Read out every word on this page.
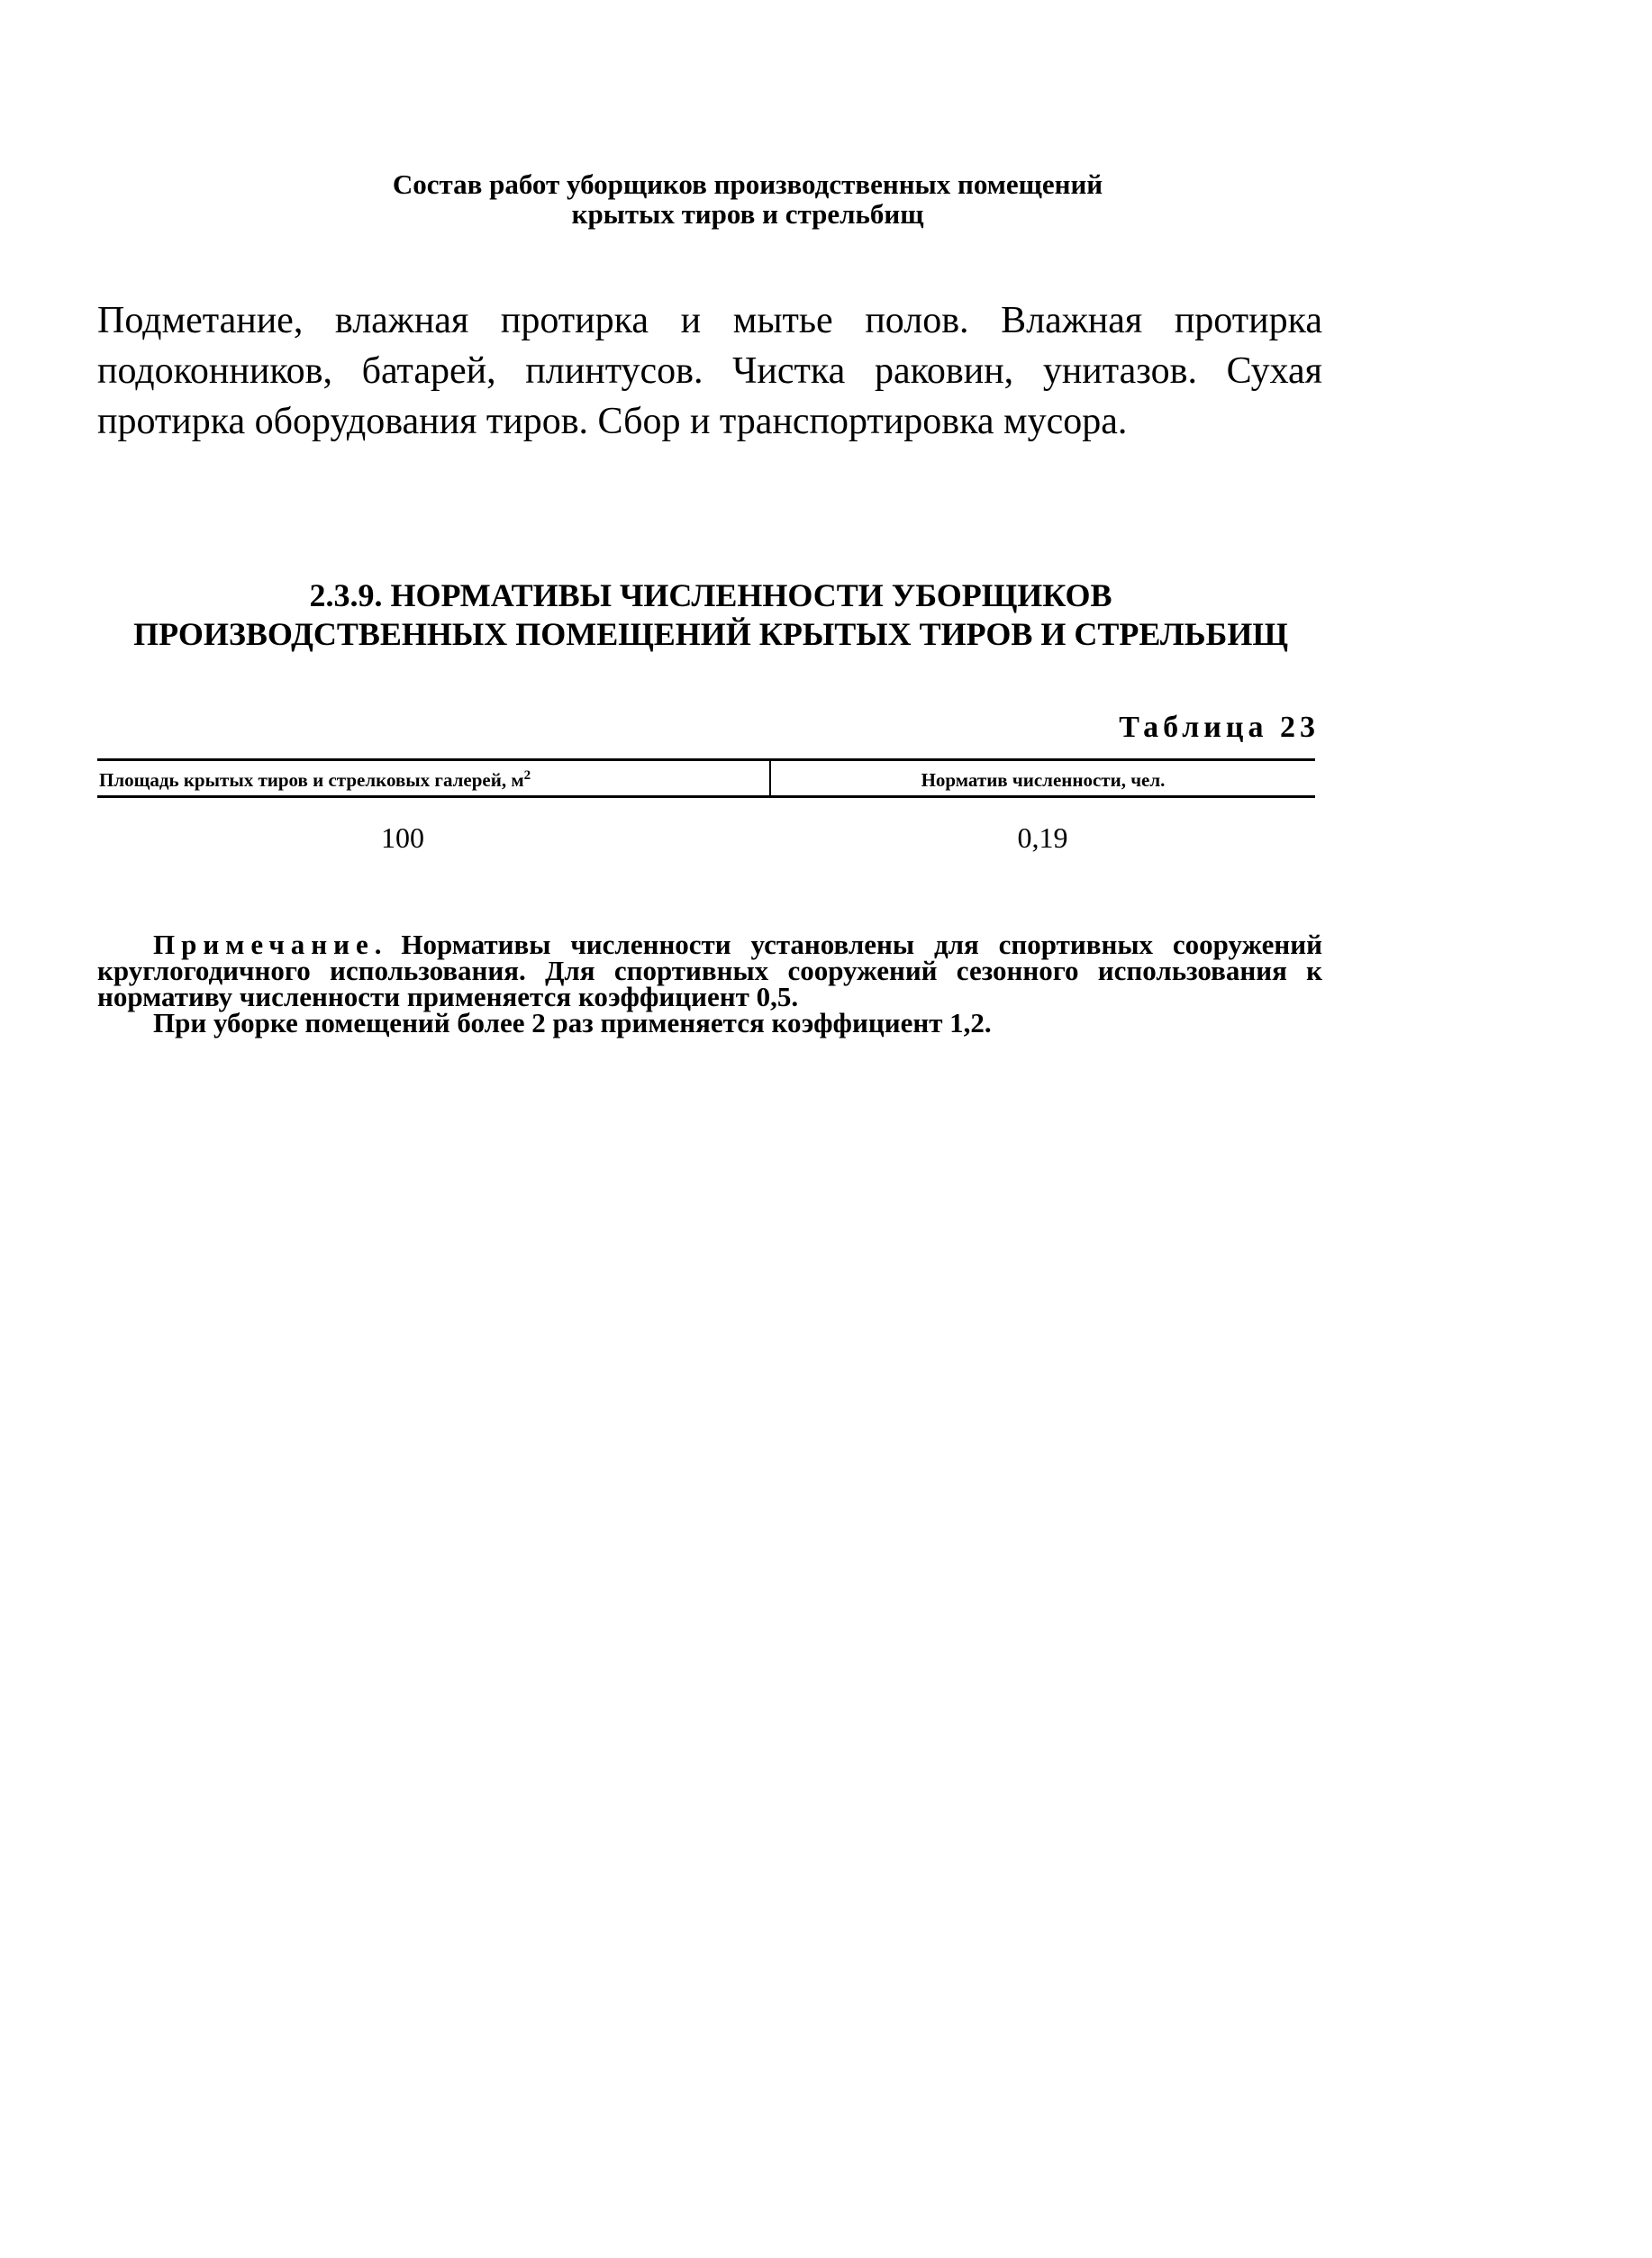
Состав работ уборщиков производственных помещений
крытых тиров и стрельбищ
Подметание, влажная протирка и мытье полов. Влажная протирка подоконников, батарей, плинтусов. Чистка раковин, унитазов. Сухая протирка оборудования тиров. Сбор и транспортировка мусора.
2.3.9. НОРМАТИВЫ ЧИСЛЕННОСТИ УБОРЩИКОВ
ПРОИЗВОДСТВЕННЫХ ПОМЕЩЕНИЙ КРЫТЫХ ТИРОВ И СТРЕЛЬБИЩ
Таблица 23
Площадь крытых тиров и стрелковых галерей, $м^2$	Норматив численности, чел.
100	0,19

Примечание. Нормативы численности установлены для спортивных сооружений круглогодичного использования. Для спортивных сооружений сезонного использования к нормативу численности применяется коэффициент 0,5.

При уборке помещений более 2 раз применяется коэффициент 1,2.
